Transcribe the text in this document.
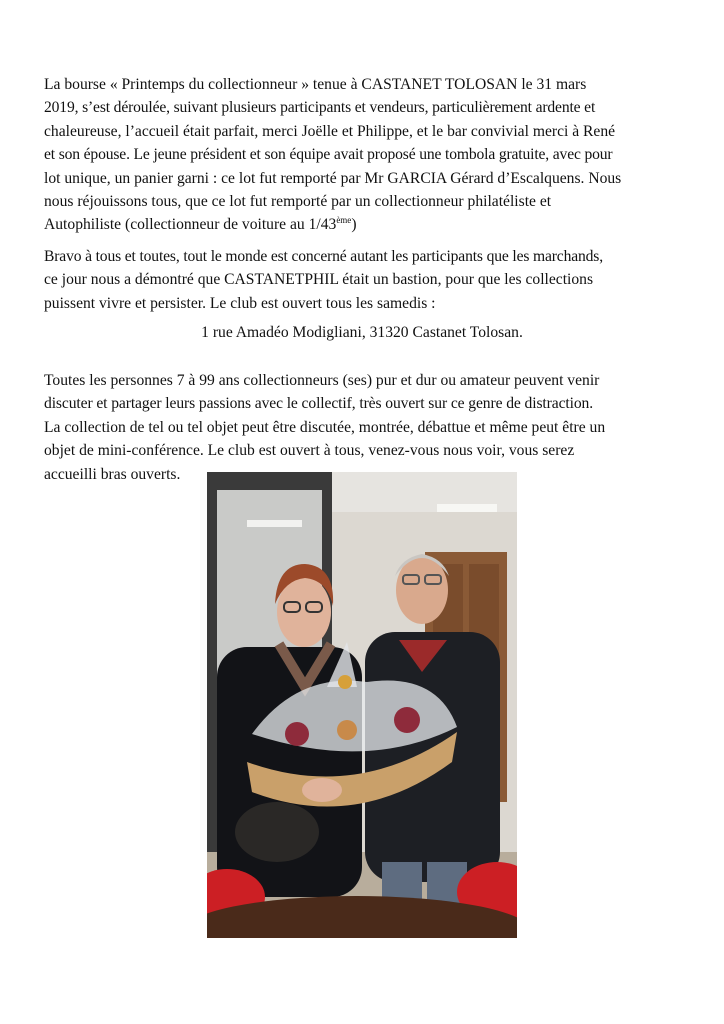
La bourse « Printemps du collectionneur » tenue à CASTANET TOLOSAN le 31 mars
2019, s’est déroulée, suivant plusieurs participants et vendeurs, particulièrement ardente et
chaleureuse, l’accueil était parfait, merci Joëlle et Philippe, et le bar convivial merci à René
et son épouse. Le jeune président et son équipe avait proposé une tombola gratuite, avec pour
lot unique, un panier garni : ce lot fut remporté par Mr GARCIA Gérard d’Escalquens. Nous
nous réjouissons tous, que ce lot fut remporté par un collectionneur philatéliste et
Autophiliste (collectionneur de voiture au 1/43ème)

Bravo à tous et toutes, tout le monde est concerné autant les participants que les marchands,
ce jour nous a démontré que CASTANETPHIL était un bastion, pour que les collections
puissent vivre et persister. Le club est ouvert tous les samedis :

1 rue Amadéo Modigliani, 31320 Castanet Tolosan.

Toutes les personnes 7 à 99 ans collectionneurs (ses) pur et dur ou amateur peuvent venir
discuter et partager leurs passions avec le collectif, très ouvert sur ce genre de distraction.
La collection de tel ou tel objet peut être discutée, montrée, débattue et même peut être un
objet de mini-conférence. Le club est ouvert à tous, venez-vous nous voir, vous serez
accueilli bras ouverts.
